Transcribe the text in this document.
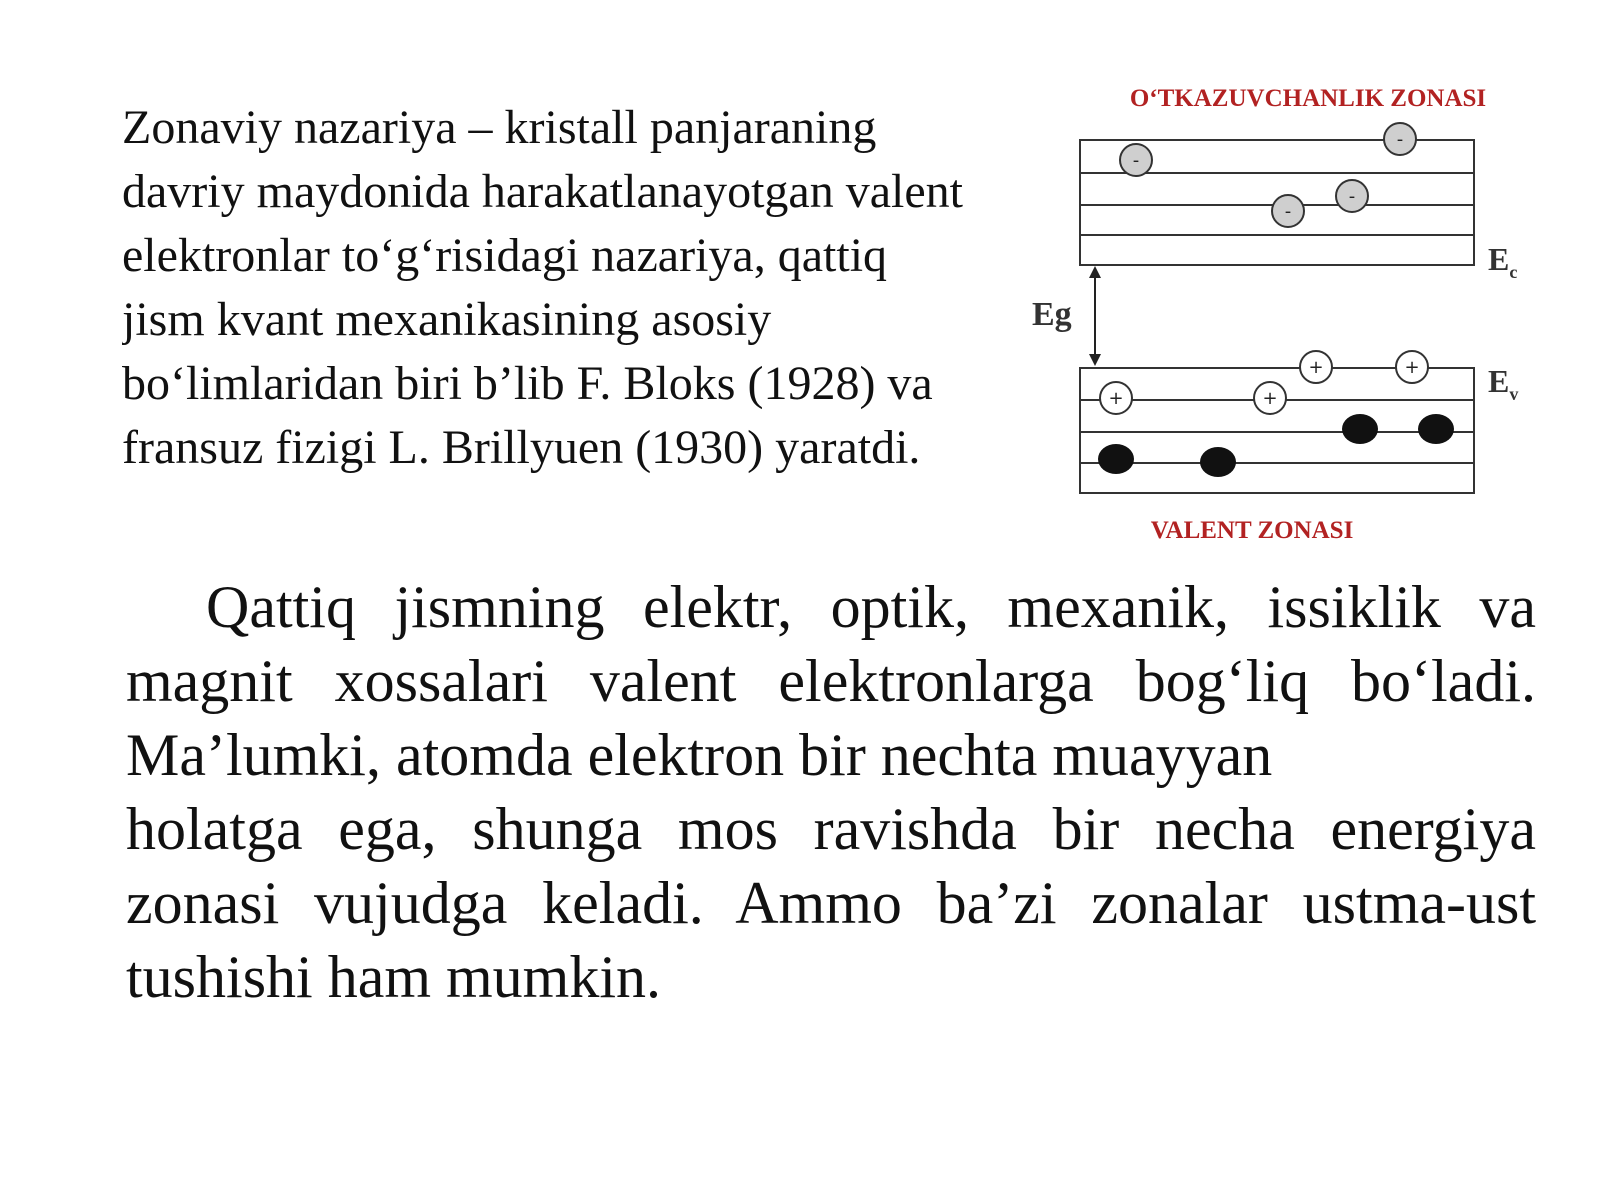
Zonaviy nazariya – kristall panjaraning
davriy maydonida harakatlanayotgan valent
elektronlar to‘g‘risidagi nazariya, qattiq
jism kvant mexanikasining asosiy
bo‘limlaridan biri b’lib F. Bloks (1928) va
fransuz fizigi L. Brillyuen (1930) yaratdi.

O‘TKAZUVCHANLIK ZONASI
-
-
-
-
$E_c$
Eg
$E_v$
+	+
+	+
VALENT ZONASI

Qattiq jismning elektr, optik, mexanik, issiklik va
magnit xossalari valent elektronlarga bog‘liq bo‘ladi.
Ma’lumki, atomda elektron bir nechta muayyan
holatga ega, shunga mos ravishda bir necha energiya
zonasi vujudga keladi. Ammo ba’zi zonalar ustma-ust
tushishi ham mumkin.
